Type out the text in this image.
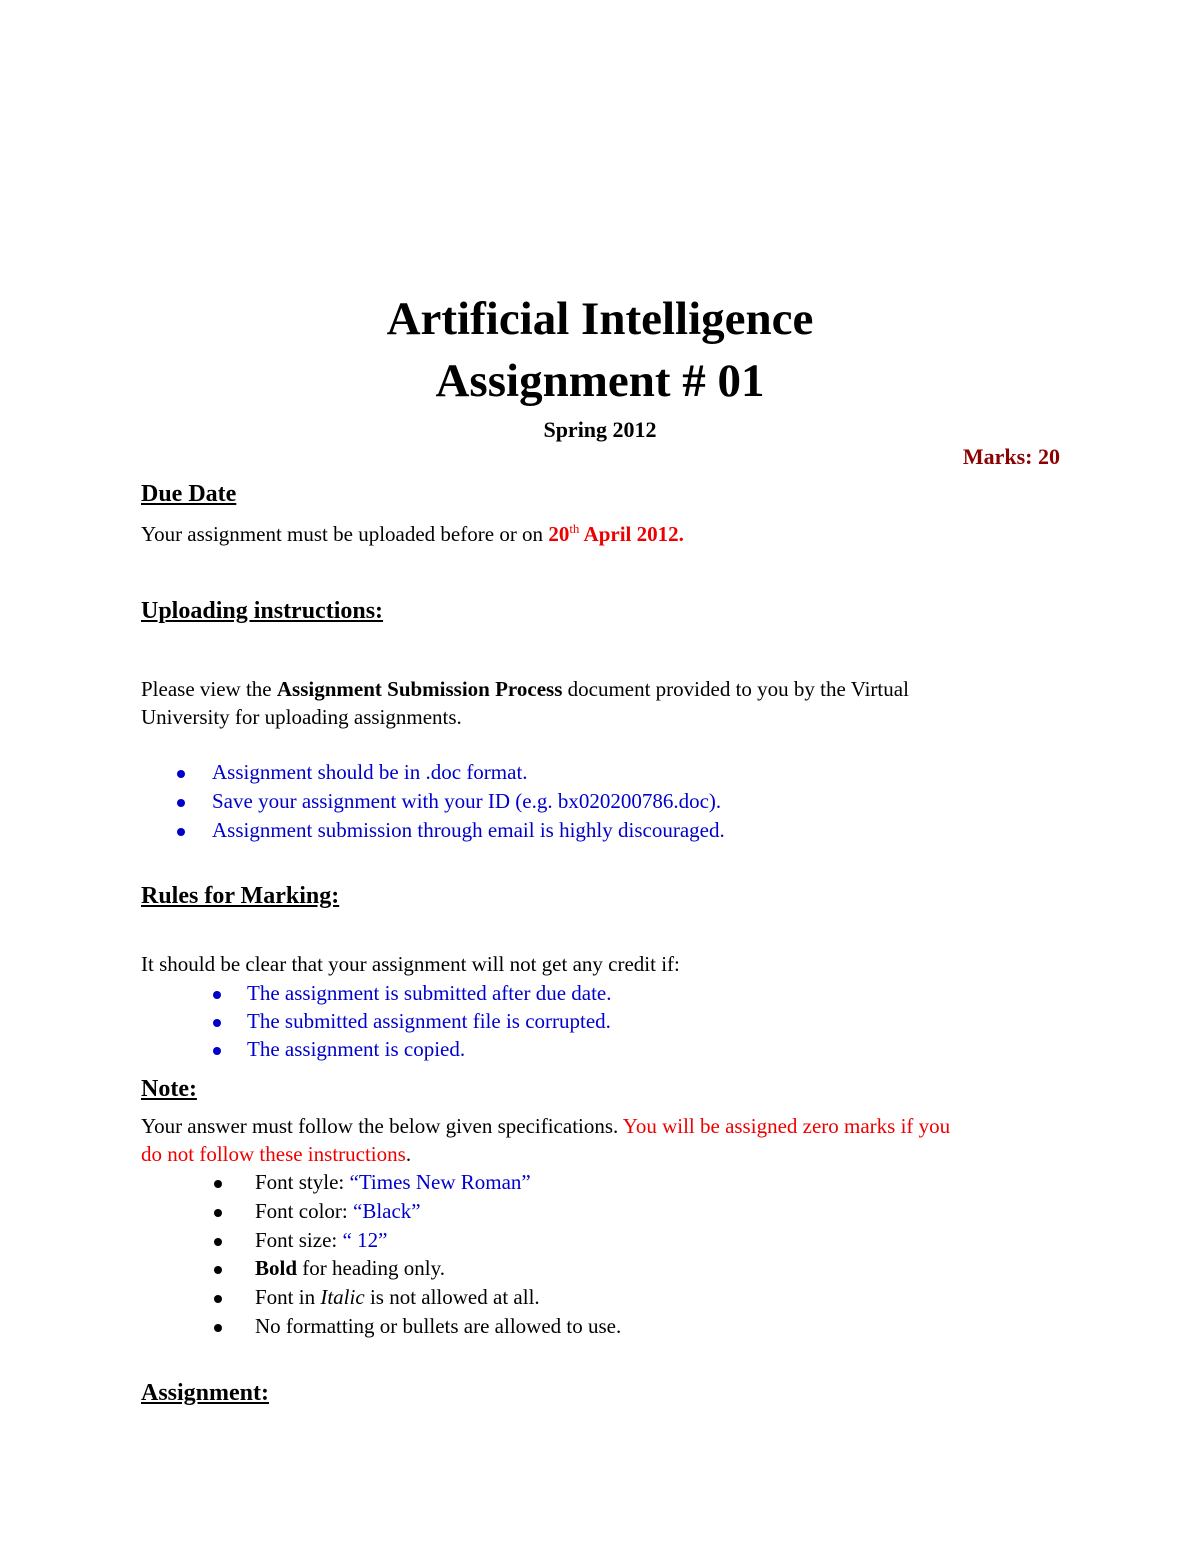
Artificial Intelligence
Assignment # 01
Spring 2012
Marks: 20
Due Date
Your assignment must be uploaded before or on 20th April 2012.
Uploading instructions:
Please view the Assignment Submission Process document provided to you by the Virtual
University for uploading assignments.
Assignment should be in .doc format.
Save your assignment with your ID (e.g. bx020200786.doc).
Assignment submission through email is highly discouraged.
Rules for Marking:
It should be clear that your assignment will not get any credit if:
The assignment is submitted after due date.
The submitted assignment file is corrupted.
The assignment is copied.
Note:
Your answer must follow the below given specifications. You will be assigned zero marks if you
do not follow these instructions.
Font style: “Times New Roman”
Font color: “Black”
Font size: “ 12”
Bold for heading only.
Font in Italic is not allowed at all.
No formatting or bullets are allowed to use.
Assignment:
